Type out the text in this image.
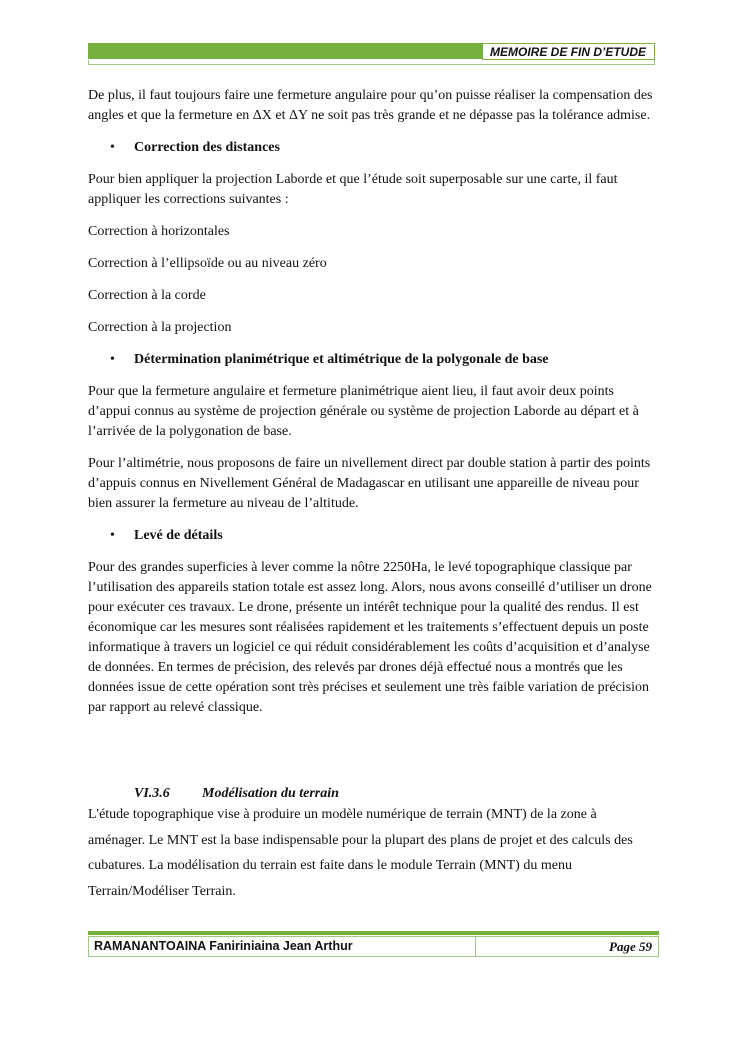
MEMOIRE DE FIN D’ETUDE

De plus, il faut toujours faire une fermeture angulaire pour qu’on puisse réaliser la compensation des angles et que la fermeture en ΔX et ΔY ne soit pas très grande et ne dépasse pas la tolérance admise.

• Correction des distances

Pour bien appliquer la projection Laborde et que l’étude soit superposable sur une carte, il faut appliquer les corrections suivantes :

Correction à horizontales

Correction à l’ellipsoïde ou au niveau zéro

Correction à la corde

Correction à la projection

• Détermination planimétrique et altimétrique de la polygonale de base

Pour que la fermeture angulaire et fermeture planimétrique aient lieu, il faut avoir deux points d’appui connus au système de projection générale ou système de projection Laborde au départ et à l’arrivée de la polygonation de base.

Pour l’altimétrie, nous proposons de faire un nivellement direct par double station à partir des points d’appuis connus en Nivellement Général de Madagascar en utilisant une appareille de niveau pour bien assurer la fermeture au niveau de l’altitude.

• Levé de détails

Pour des grandes superficies à lever comme la nôtre 2250Ha, le levé topographique classique par l’utilisation des appareils station totale est assez long. Alors, nous avons conseillé d’utiliser un drone pour exécuter ces travaux. Le drone, présente un intérêt technique pour la qualité des rendus. Il est économique car les mesures sont réalisées rapidement et les traitements s’effectuent depuis un poste informatique à travers un logiciel ce qui réduit considérablement les coûts d’acquisition et d’analyse de données. En termes de précision, des relevés par drones déjà effectué nous a montrés que les données issue de cette opération sont très précises et seulement une très faible variation de précision par rapport au relevé classique.

VI.3.6 Modélisation du terrain

L'étude topographique vise à produire un modèle numérique de terrain (MNT) de la zone à aménager. Le MNT est la base indispensable pour la plupart des plans de projet et des calculs des cubatures. La modélisation du terrain est faite dans le module Terrain (MNT) du menu Terrain/Modéliser Terrain.

RAMANANTOAINA Faniriniaina Jean Arthur	Page 59
